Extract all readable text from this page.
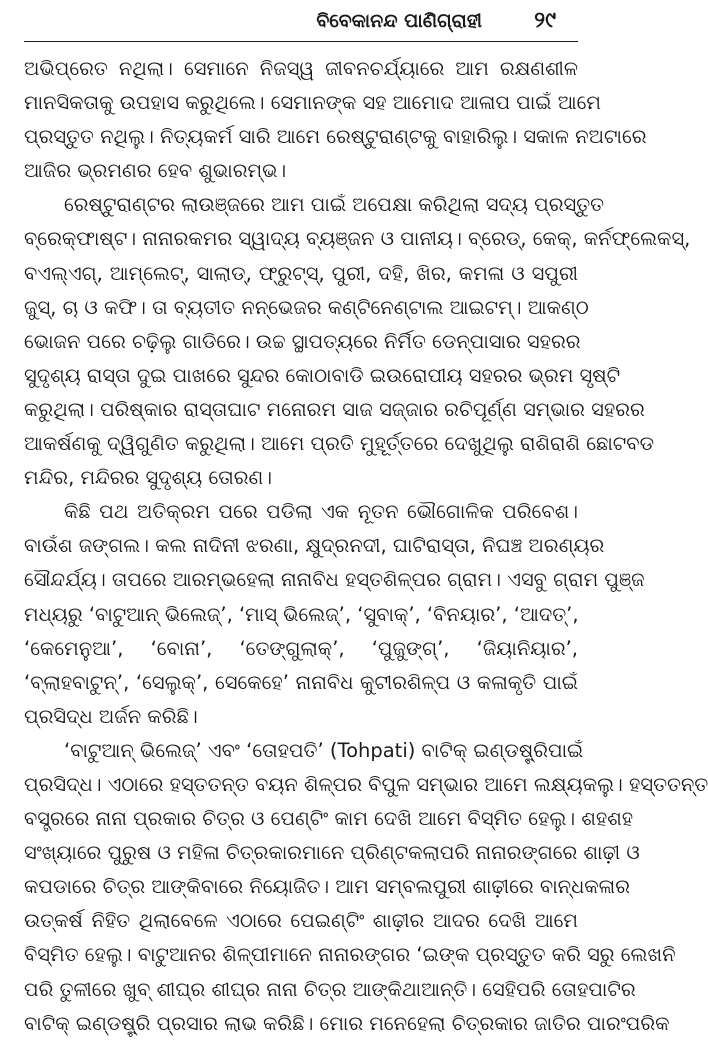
ବିବେକାନନ୍ଦ ପାଣିଗ୍ରାହୀ ୨୯
ଅଭିପ୍ରେତ ନଥିଲା। ସେମାନେ ନିଜସ୍ୱ ଜୀବନଚର୍ଯ୍ୟାରେ ଆମ ରକ୍ଷଣଶୀଳ
ମାନସିକତାକୁ ଉପହାସ କରୁଥିଲେ। ସେମାନଙ୍କ ସହ ଆମୋଦ ଆଳାପ ପାଇଁ ଆମେ
ପ୍ରସ୍ତୁତ ନଥିଲୁ। ନିତ୍ୟକର୍ମ ସାରି ଆମେ ରେଷ୍ଟୁରାଣ୍ଟକୁ ବାହାରିଲୁ। ସକାଳ ନଅଟାରେ
ଆଜିର ଭ୍ରମଣର ହେବ ଶୁଭାରମ୍ଭ।
ରେଷ୍ଟୁରାଣ୍ଟର ଲାଉଞ୍ଜରେ ଆମ ପାଇଁ ଅପେକ୍ଷା କରିଥିଲା ସଦ୍ୟ ପ୍ରସ୍ତୁତ
ବ୍ରେକ୍‌ଫାଷ୍ଟ। ନାନାରକମର ସ୍ୱାଦ୍ୟ ବ୍ୟଞ୍ଜନ ଓ ପାନୀୟ। ବ୍ରେଡ୍‌, କେକ୍‌, କର୍ନଫ୍ଲେକସ୍‌,
ବଏଲ୍‌ଏଗ୍‌, ଆମ୍‌ଲେଟ୍‌, ସାଲାଡ୍‌, ଫ୍ରୁଟ୍‌ସ୍‌, ପୁରୀ, ଦହି, ଖିର, କମଳା ଓ ସପୁରୀ
ଜୁସ୍‌, ଚା ଓ କଫି। ତା ବ୍ୟତୀତ ନନ୍‌ଭେଜର କଣ୍ଟିନେଣ୍ଟାଲ ଆଇଟମ୍‌। ଆକଣ୍ଠ
ଭୋଜନ ପରେ ଚଢ଼ିଲୁ ଗାଡିରେ। ଉଚ୍ଚ ସ୍ଥାପତ୍ୟରେ ନିର୍ମିତ ଡେନ୍‌ପାସାର ସହରର
ସୁଦୃଶ୍ୟ ରାସ୍ତା ଦୁଇ ପାଖରେ ସୁନ୍ଦର କୋଠାବାଡି ଇଉରୋପୀୟ ସହରର ଭ୍ରମ ସୃଷ୍ଟି
କରୁଥିଲା। ପରିଷ୍କାର ରାସ୍ତାଘାଟ ମନୋରମ ସାଜ ସଜ୍ଜାର ରଚିପୂର୍ଣ୍ଣ ସମ୍ଭାର ସହରର
ଆକର୍ଷଣକୁ ଦ୍ୱିଗୁଣିତ କରୁଥିଲା। ଆମେ ପ୍ରତି ମୁହୂର୍ତ୍ତରେ ଦେଖୁଥିଲୁ ରାଶିରାଶି ଛୋଟବଡ
ମନ୍ଦିର, ମନ୍ଦିରର ସୁଦୃଶ୍ୟ ତୋରଣ।
କିଛି ପଥ ଅତିକ୍ରମ ପରେ ପଡିଲା ଏକ ନୂତନ ଭୌଗୋଳିକ ପରିବେଶ।
ବାଉଁଶ ଜଙ୍ଗଲ। କଲ ନାଦିନୀ ଝରଣା, କ୍ଷୁଦ୍ରନଦୀ, ଘାଟିରାସ୍ତା, ନିଘଞ୍ଚ ଅରଣ୍ୟର
ସୌନ୍ଦର୍ଯ୍ୟ। ତାପରେ ଆରମ୍ଭହେଲା ନାନାବିଧ ହସ୍ତଶିଳ୍ପର ଗ୍ରାମ। ଏସବୁ ଗ୍ରାମ ପୁଞ୍ଜ
ମଧ୍ୟରୁ ‘ବାଟୁଆନ୍ ଭିଲେଜ୍’, ‘ମାସ୍ ଭିଲେଜ୍’, ‘ସୁବାକ୍’, ‘ବିନୟାର’, ‘ଆଦତ୍’,
‘କେମେନୁଆ’, ‘ବୋନା’, ‘ତେଙ୍ଗୁଲାକ୍’, ‘ପୁଜୁଙ୍ଗ୍’, ‘ଜିୟାନିୟାର’,
‘ବ୍ଲାହବାଟୁନ୍’, ‘ସେଲୁକ୍’, ସେକେହେ’ ନାନାବିଧ କୁଟୀରଶିଳ୍ପ ଓ କଳାକୃତି ପାଇଁ
ପ୍ରସିଦ୍ଧ ଅର୍ଜନ କରିଛି।
‘ବାଟୁଆନ୍ ଭିଲେଜ୍’ ଏବଂ ‘ତୋହପତି’ (Tohpati) ବାଟିକ୍ ଇଣ୍ଡଷ୍ଟ୍ରିପାଇଁ
ପ୍ରସିଦ୍ଧ। ଏଠାରେ ହସ୍ତତନ୍ତ ବୟନ ଶିଳ୍ପର ବିପୁଳ ସମ୍ଭାର ଆମେ ଲକ୍ଷ୍ୟକଲୁ। ହସ୍ତତନ୍ତ
ବସ୍ତ୍ରରେ ନାନା ପ୍ରକାର ଚିତ୍ର ଓ ପେଣ୍ଟିଂ କାମ ଦେଖି ଆମେ ବିସ୍ମିତ ହେଲୁ। ଶହଶହ
ସଂଖ୍ୟାରେ ପୁରୁଷ ଓ ମହିଳା ଚିତ୍ରକାରମାନେ ପ୍ରିଣ୍ଟକଲାପରି ନାନାରଙ୍ଗରେ ଶାଢ଼ୀ ଓ
କପଡାରେ ଚିତ୍ର ଆଙ୍କିବାରେ ନିୟୋଜିତ। ଆମ ସମ୍ବଲପୁରୀ ଶାଢ଼ୀରେ ବାନ୍ଧକଳାର
ଉତ୍କର୍ଷ ନିହିତ ଥିଲାବେଳେ ଏଠାରେ ପେଇଣ୍ଟିଂ ଶାଢ଼ୀର ଆଦର ଦେଖି ଆମେ
ବିସ୍ମିତ ହେଲୁ। ବାଟୁଆନର ଶିଳ୍ପୀମାନେ ନାନାରଙ୍ଗର ‘ଇଙ୍କ ପ୍ରସ୍ତୁତ କରି ସରୁ ଲେଖନି
ପରି ତୁଳୀରେ ଖୁବ୍ ଶୀଘ୍ର ଶୀଘ୍ର ନାନା ଚିତ୍ର ଆଙ୍କିଥାଆନ୍ତି। ସେହିପରି ତୋହପାଟିର
ବାଟିକ୍ ଇଣ୍ଡଷ୍ଟ୍ରି ପ୍ରସାର ଲାଭ କରିଛି। ମୋର ମନେହେଲା ଚିତ୍ରକାର ଜାତିର ପାରଂପରିକ
